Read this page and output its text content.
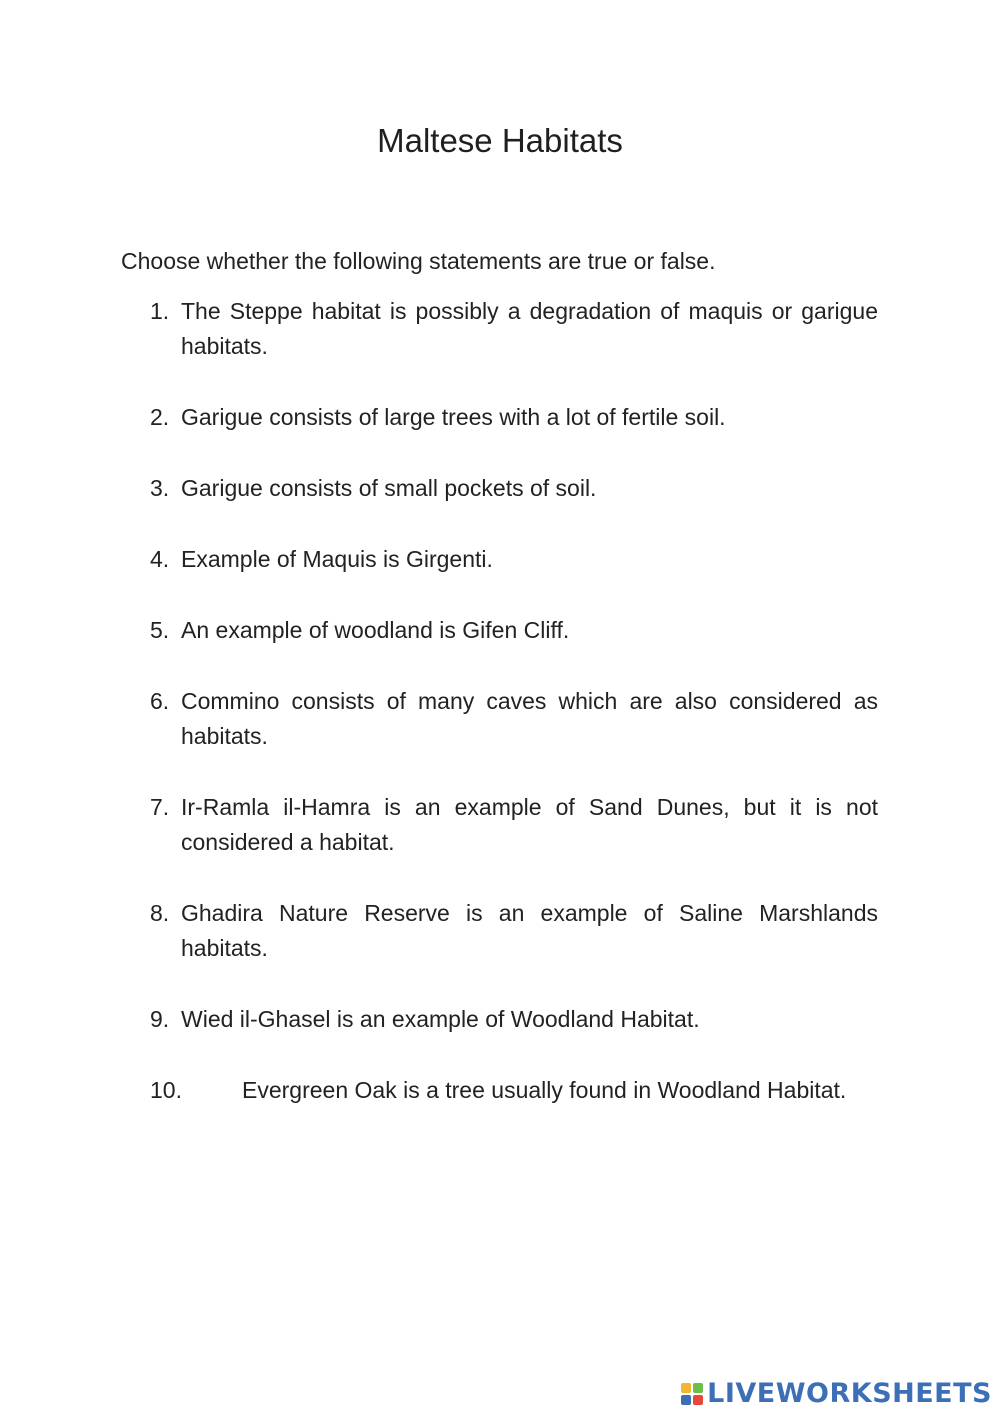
Maltese Habitats
Choose whether the following statements are true or false.
1. The Steppe habitat is possibly a degradation of maquis or garigue habitats.
2. Garigue consists of large trees with a lot of fertile soil.
3. Garigue consists of small pockets of soil.
4. Example of Maquis is Girgenti.
5. An example of woodland is Gifen Cliff.
6. Commino consists of many caves which are also considered as habitats.
7. Ir-Ramla il-Hamra is an example of Sand Dunes, but it is not considered a habitat.
8. Ghadira Nature Reserve is an example of Saline Marshlands habitats.
9. Wied il-Ghasel is an example of Woodland Habitat.
10.	Evergreen Oak is a tree usually found in Woodland Habitat.
LIVEWORKSHEETS
